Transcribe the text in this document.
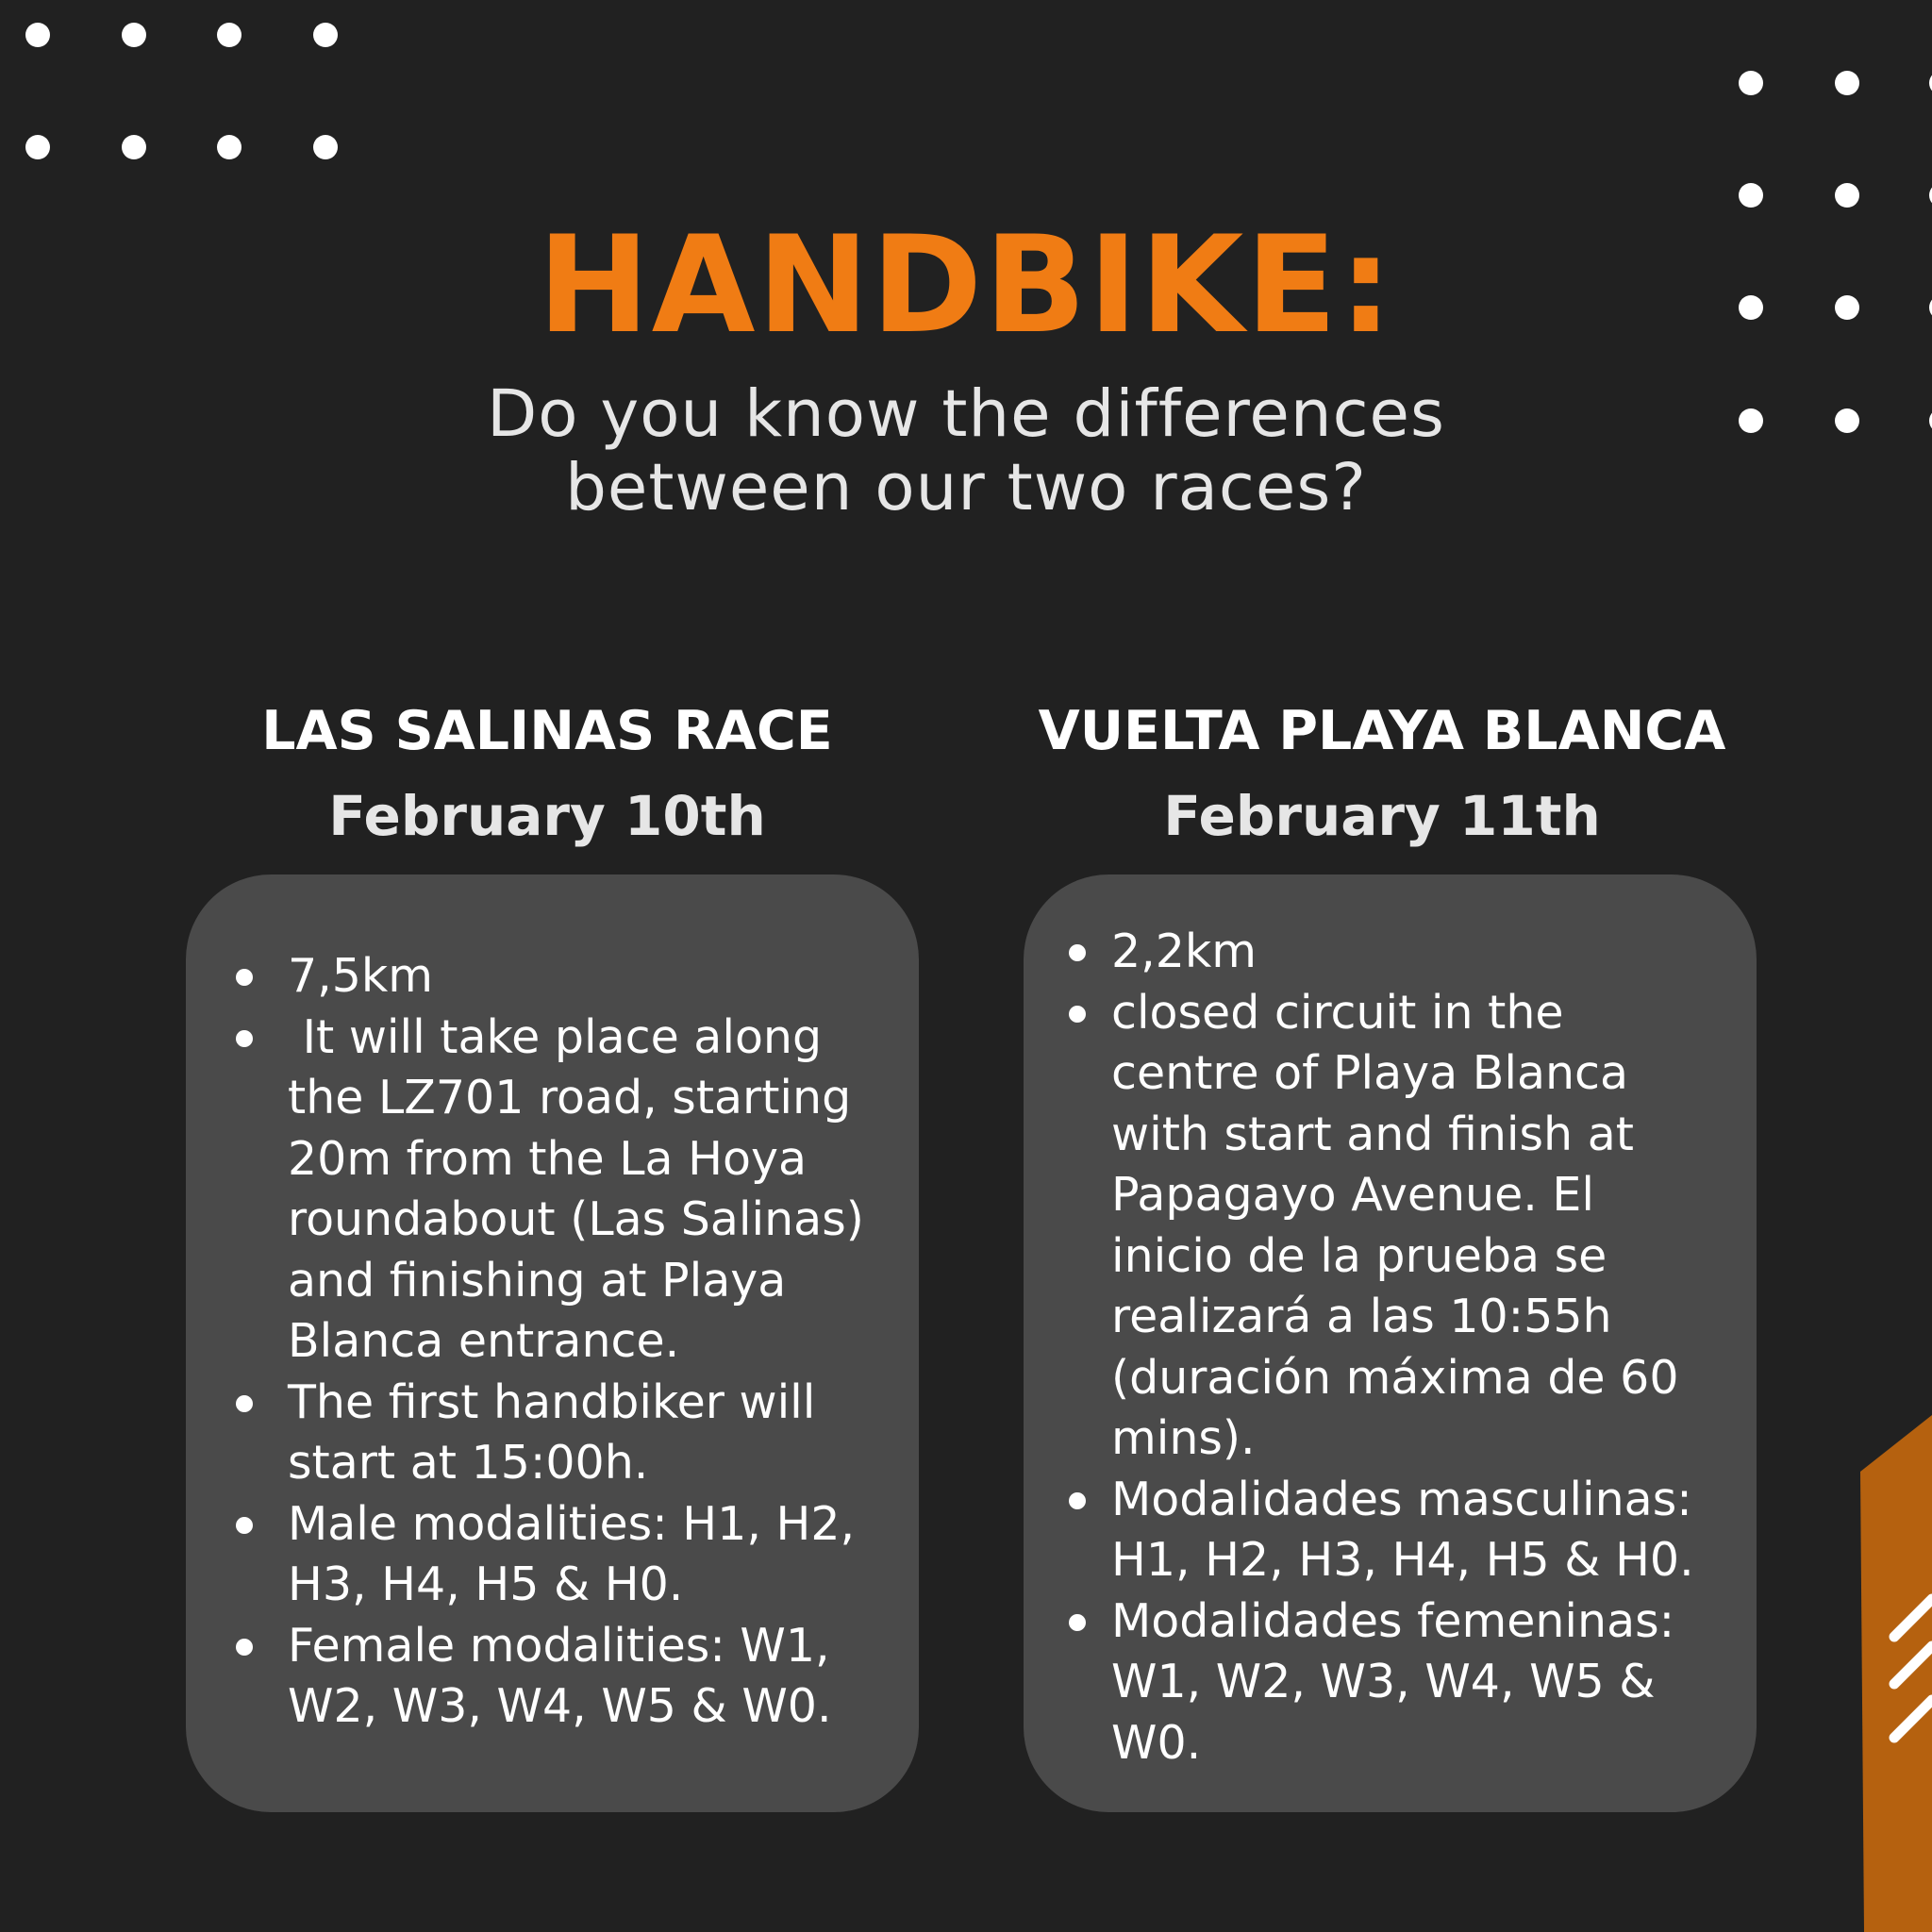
HANDBIKE:
Do you know the differences
between our two races?
LAS SALINAS RACE
February 10th
7,5km
It will take place along the LZ701 road, starting 20m from the La Hoya roundabout (Las Salinas) and finishing at Playa Blanca entrance.
The first handbiker will start at 15:00h.
Male modalities: H1, H2, H3, H4, H5 & H0.
Female modalities: W1, W2, W3, W4, W5 & W0.
VUELTA PLAYA BLANCA
February 11th
2,2km
closed circuit in the centre of Playa Blanca with start and finish at Papagayo Avenue. El inicio de la prueba se realizará a las 10:55h (duración máxima de 60 mins).
Modalidades masculinas: H1, H2, H3, H4, H5 & H0.
Modalidades femeninas: W1, W2, W3, W4, W5 & W0.
